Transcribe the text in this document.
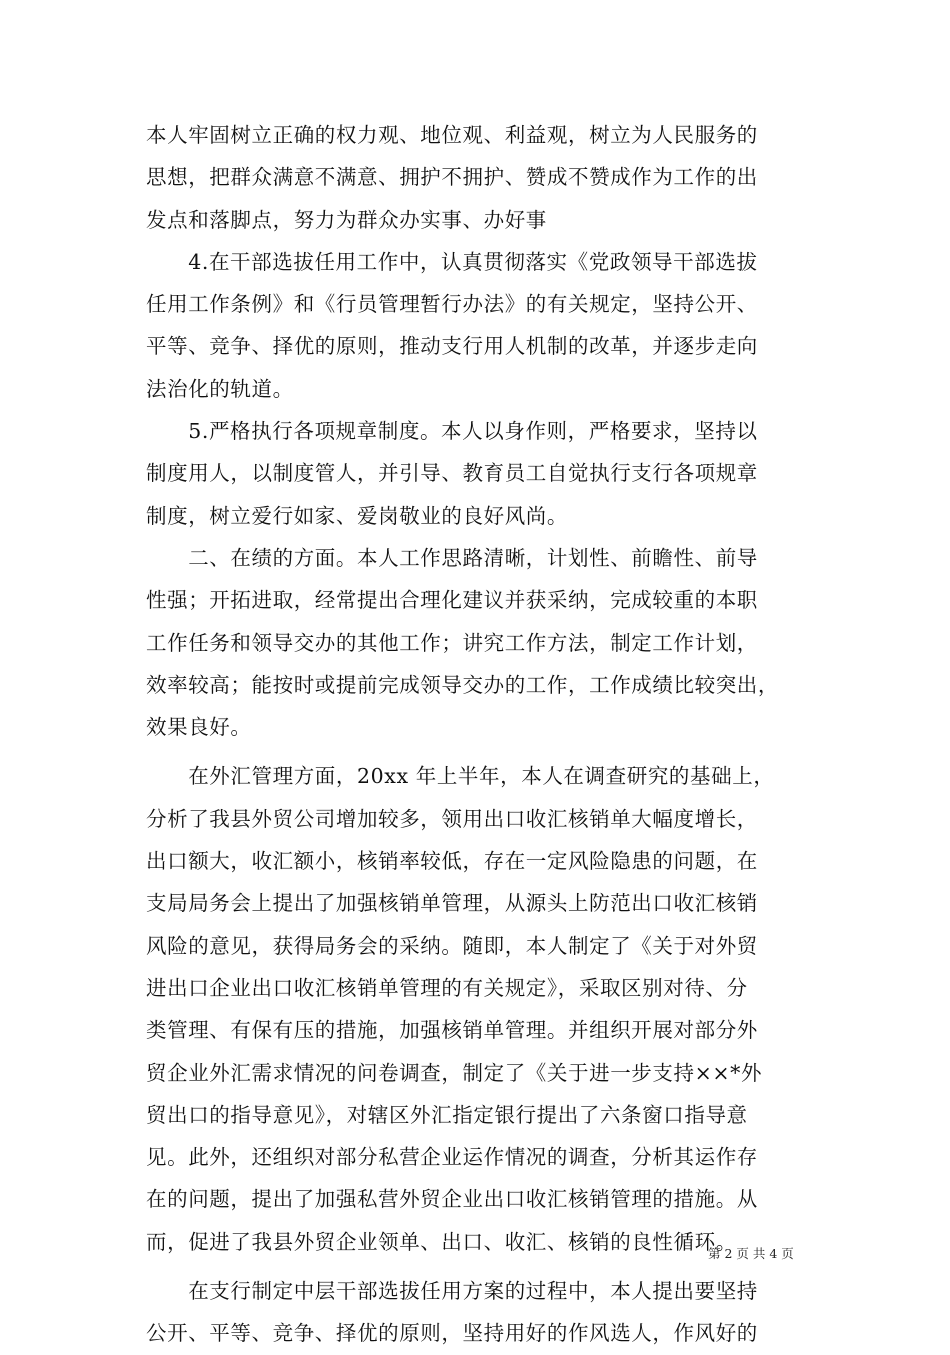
本人牢固树立正确的权力观、地位观、利益观，树立为人民服务的
思想，把群众满意不满意、拥护不拥护、赞成不赞成作为工作的出
发点和落脚点，努力为群众办实事、办好事
　　4.在干部选拔任用工作中，认真贯彻落实《党政领导干部选拔
任用工作条例》和《行员管理暂行办法》的有关规定，坚持公开、
平等、竞争、择优的原则，推动支行用人机制的改革，并逐步走向
法治化的轨道。
　　5.严格执行各项规章制度。本人以身作则，严格要求，坚持以
制度用人，以制度管人，并引导、教育员工自觉执行支行各项规章
制度，树立爱行如家、爱岗敬业的良好风尚。
　　二、在绩的方面。本人工作思路清晰，计划性、前瞻性、前导
性强；开拓进取，经常提出合理化建议并获采纳，完成较重的本职
工作任务和领导交办的其他工作；讲究工作方法，制定工作计划，
效率较高；能按时或提前完成领导交办的工作，工作成绩比较突出，
效果良好。
　　在外汇管理方面，20xx 年上半年，本人在调查研究的基础上，
分析了我县外贸公司增加较多，领用出口收汇核销单大幅度增长，
出口额大，收汇额小，核销率较低，存在一定风险隐患的问题，在
支局局务会上提出了加强核销单管理，从源头上防范出口收汇核销
风险的意见，获得局务会的采纳。随即，本人制定了《关于对外贸
进出口企业出口收汇核销单管理的有关规定》，采取区别对待、分
类管理、有保有压的措施，加强核销单管理。并组织开展对部分外
贸企业外汇需求情况的问卷调查，制定了《关于进一步支持××*外
贸出口的指导意见》，对辖区外汇指定银行提出了六条窗口指导意
见。此外，还组织对部分私营企业运作情况的调查，分析其运作存
在的问题，提出了加强私营外贸企业出口收汇核销管理的措施。从
而，促进了我县外贸企业领单、出口、收汇、核销的良性循环。
　　在支行制定中层干部选拔任用方案的过程中，本人提出要坚持
公开、平等、竞争、择优的原则，坚持用好的作风选人，作风好的
第 2 页 共 4 页
